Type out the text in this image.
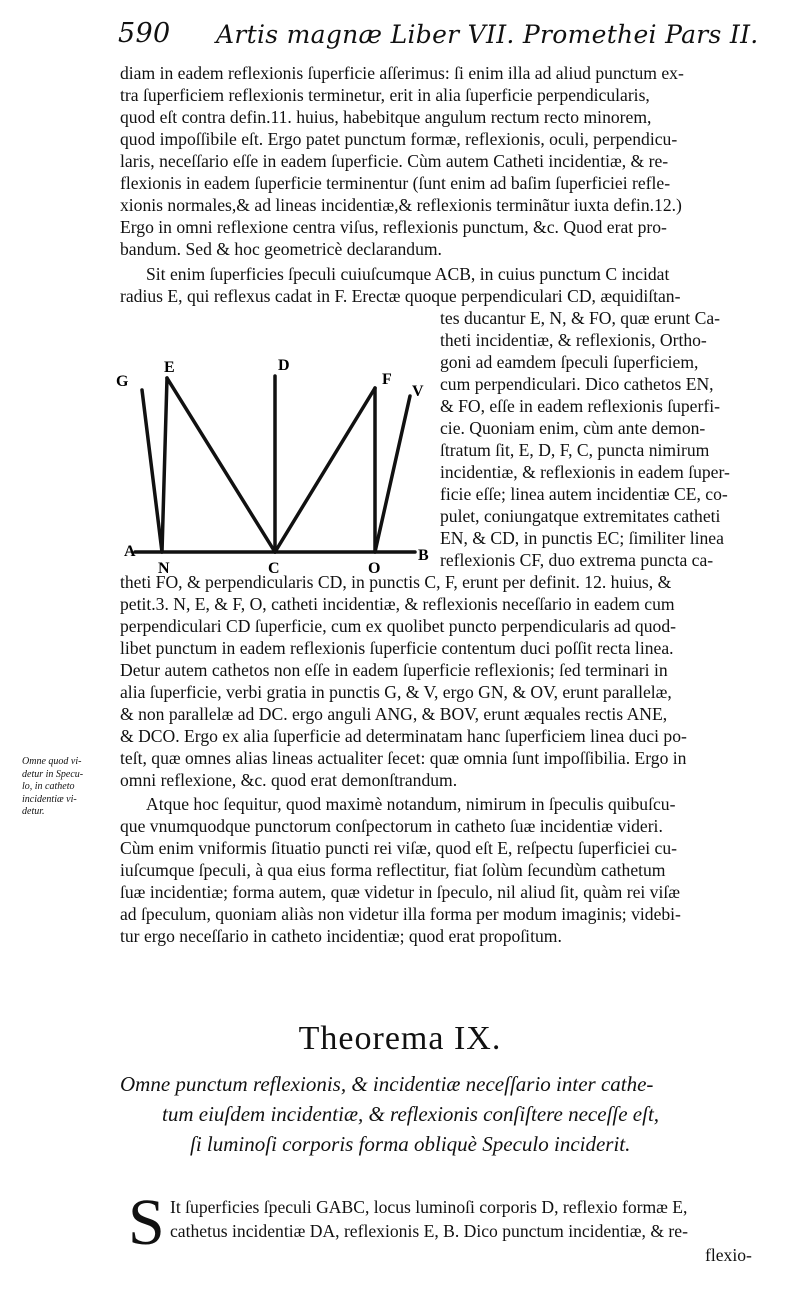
590 Artis magnæ Liber VII. Promethei Pars II.
diam in eadem reflexionis ſuperficie aſſerimus: ſi enim illa ad aliud punctum ex-
tra ſuperficiem reflexionis terminetur, erit in alia ſuperficie perpendicularis,
quod eſt contra defin.11. huius, habebitque angulum rectum recto minorem,
quod impoſſibile eſt. Ergo patet punctum formæ, reflexionis, oculi, perpendicu-
laris, neceſſario eſſe in eadem ſuperficie. Cùm autem Catheti incidentiæ, & re-
flexionis in eadem ſuperficie terminentur (ſunt enim ad baſim ſuperficiei refle-
xionis normales,& ad lineas incidentiæ,& reflexionis terminãtur iuxta defin.12.)
Ergo in omni reflexione centra viſus, reflexionis punctum, &c. Quod erat pro-
bandum. Sed & hoc geometricè declarandum.
Sit enim ſuperficies ſpeculi cuiuſcumque ACB, in cuius punctum C incidat
radius E, qui reflexus cadat in F. Erectæ quoque perpendiculari CD, æquidiſtan-
G
E	D
F
V
A
N	C	O
B
tes ducantur E, N, & FO, quæ erunt Ca-
theti incidentiæ, & reflexionis, Ortho-
goni ad eamdem ſpeculi ſuperficiem,
cum perpendiculari. Dico cathetos EN,
& FO, eſſe in eadem reflexionis ſuperfi-
cie. Quoniam enim, cùm ante demon-
ſtratum ſit, E, D, F, C, puncta nimirum
incidentiæ, & reflexionis in eadem ſuper-
ficie eſſe; linea autem incidentiæ CE, co-
pulet, coniungatque extremitates catheti
EN, & CD, in punctis EC; ſimiliter linea
reflexionis CF, duo extrema puncta ca-
theti FO, & perpendicularis CD, in punctis C, F, erunt per definit. 12. huius, &
petit.3. N, E, & F, O, catheti incidentiæ, & reflexionis neceſſario in eadem cum
perpendiculari CD ſuperficie, cum ex quolibet puncto perpendicularis ad quod-
libet punctum in eadem reflexionis ſuperficie contentum duci poſſit recta linea.
Detur autem cathetos non eſſe in eadem ſuperficie reflexionis; ſed terminari in
alia ſuperficie, verbi gratia in punctis G, & V, ergo GN, & OV, erunt parallelæ,
& non parallelæ ad DC. ergo anguli ANG, & BOV, erunt æquales rectis ANE,
& DCO. Ergo ex alia ſuperficie ad determinatam hanc ſuperficiem linea duci po-
teſt, quæ omnes alias lineas actualiter ſecet: quæ omnia ſunt impoſſibilia. Ergo in
omni reflexione, &c. quod erat demonſtrandum.
Atque hoc ſequitur, quod maximè notandum, nimirum in ſpeculis quibuſcu-
que vnumquodque punctorum conſpectorum in catheto ſuæ incidentiæ videri.
Cùm enim vniformis ſituatio puncti rei viſæ, quod eſt E, reſpectu ſuperficiei cu-
iuſcumque ſpeculi, à qua eius forma reflectitur, fiat ſolùm ſecundùm cathetum
ſuæ incidentiæ; forma autem, quæ videtur in ſpeculo, nil aliud ſit, quàm rei viſæ
ad ſpeculum, quoniam aliàs non videtur illa forma per modum imaginis; videbi-
tur ergo neceſſario in catheto incidentiæ; quod erat propoſitum.
Omne quod vi-
detur in Specu-
lo, in catheto
incidentiæ vi-
detur.
Theorema IX.
Omne punctum reflexionis, & incidentiæ neceſſario inter cathe-
tum eiuſdem incidentiæ, & reflexionis conſiſtere neceſſe eſt,
ſi luminoſi corporis forma obliquè Speculo inciderit.
S It ſuperficies ſpeculi GABC, locus luminoſi corporis D, reflexio formæ E,
cathetus incidentiæ DA, reflexionis E, B. Dico punctum incidentiæ, & re-
flexio-
